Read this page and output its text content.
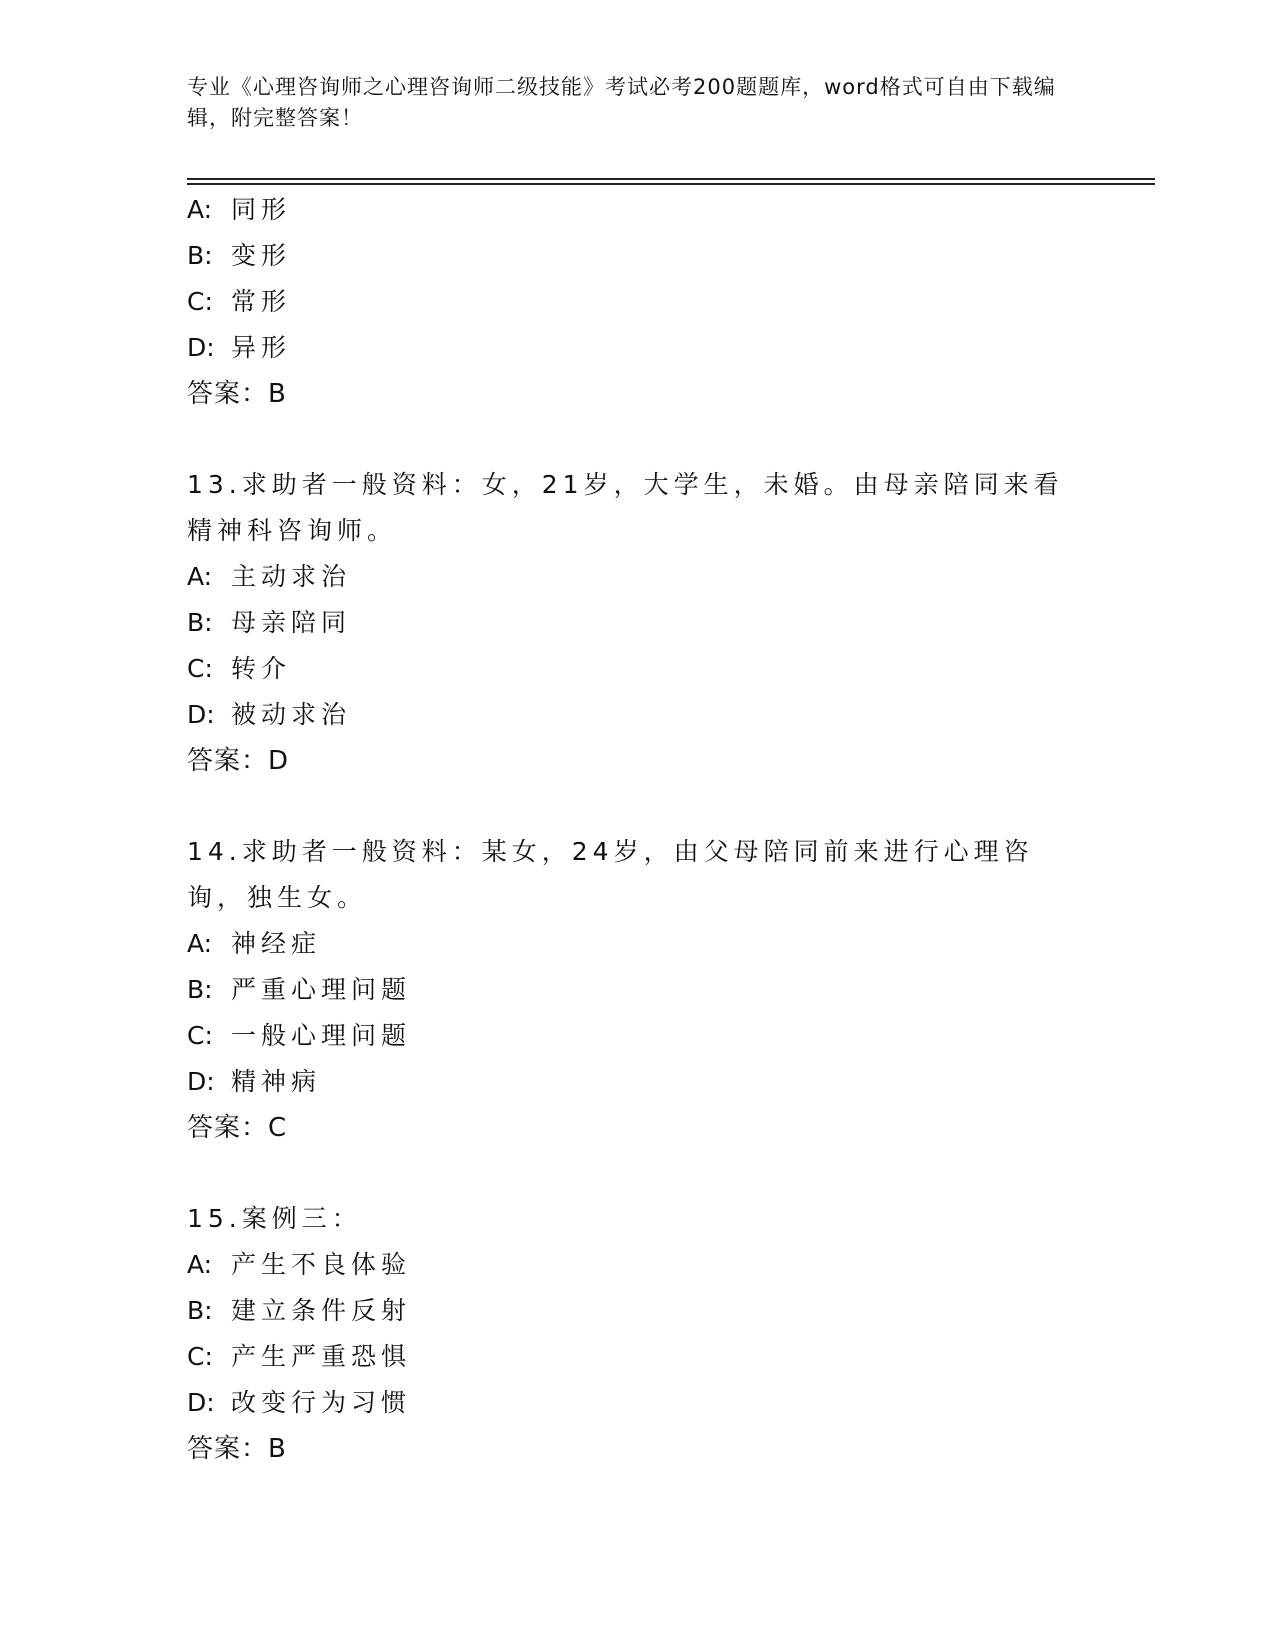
专业《心理咨询师之心理咨询师二级技能》考试必考200题题库，word格式可自由下载编辑，附完整答案！
A: 同形
B: 变形
C: 常形
D: 异形
答案：B
13.求助者一般资料：女，21岁，大学生，未婚。由母亲陪同来看精神科咨询师。
A: 主动求治
B: 母亲陪同
C: 转介
D: 被动求治
答案：D
14.求助者一般资料：某女，24岁，由父母陪同前来进行心理咨询，独生女。
A: 神经症
B: 严重心理问题
C: 一般心理问题
D: 精神病
答案：C
15.案例三：
A: 产生不良体验
B: 建立条件反射
C: 产生严重恐惧
D: 改变行为习惯
答案：B
